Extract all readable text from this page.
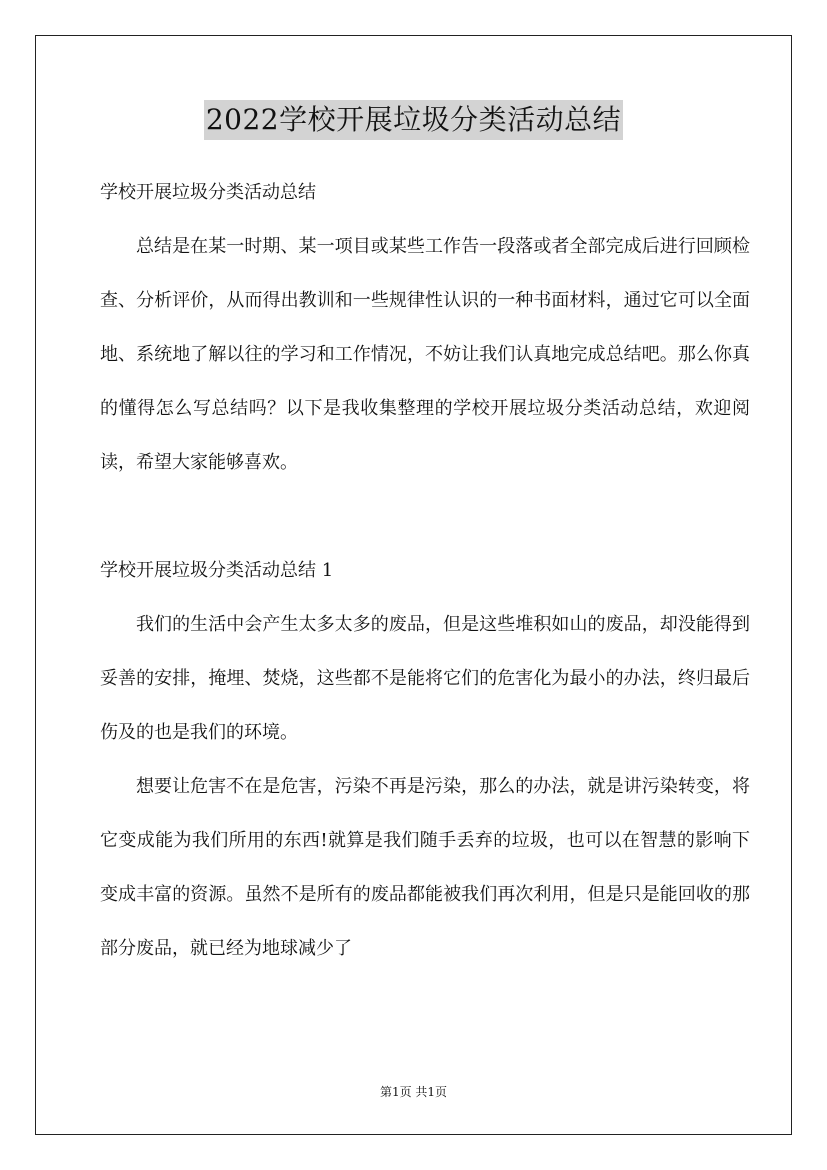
2022学校开展垃圾分类活动总结

学校开展垃圾分类活动总结

总结是在某一时期、某一项目或某些工作告一段落或者全部完成后进行回顾检查、分析评价，从而得出教训和一些规律性认识的一种书面材料，通过它可以全面地、系统地了解以往的学习和工作情况，不妨让我们认真地完成总结吧。那么你真的懂得怎么写总结吗？以下是我收集整理的学校开展垃圾分类活动总结，欢迎阅读，希望大家能够喜欢。

学校开展垃圾分类活动总结 1

我们的生活中会产生太多太多的废品，但是这些堆积如山的废品，却没能得到妥善的安排，掩埋、焚烧，这些都不是能将它们的危害化为最小的办法，终归最后伤及的也是我们的环境。

想要让危害不在是危害，污染不再是污染，那么的办法，就是讲污染转变，将它变成能为我们所用的东西!就算是我们随手丢弃的垃圾，也可以在智慧的影响下变成丰富的资源。虽然不是所有的废品都能被我们再次利用，但是只是能回收的那部分废品，就已经为地球减少了

第1页 共1页
